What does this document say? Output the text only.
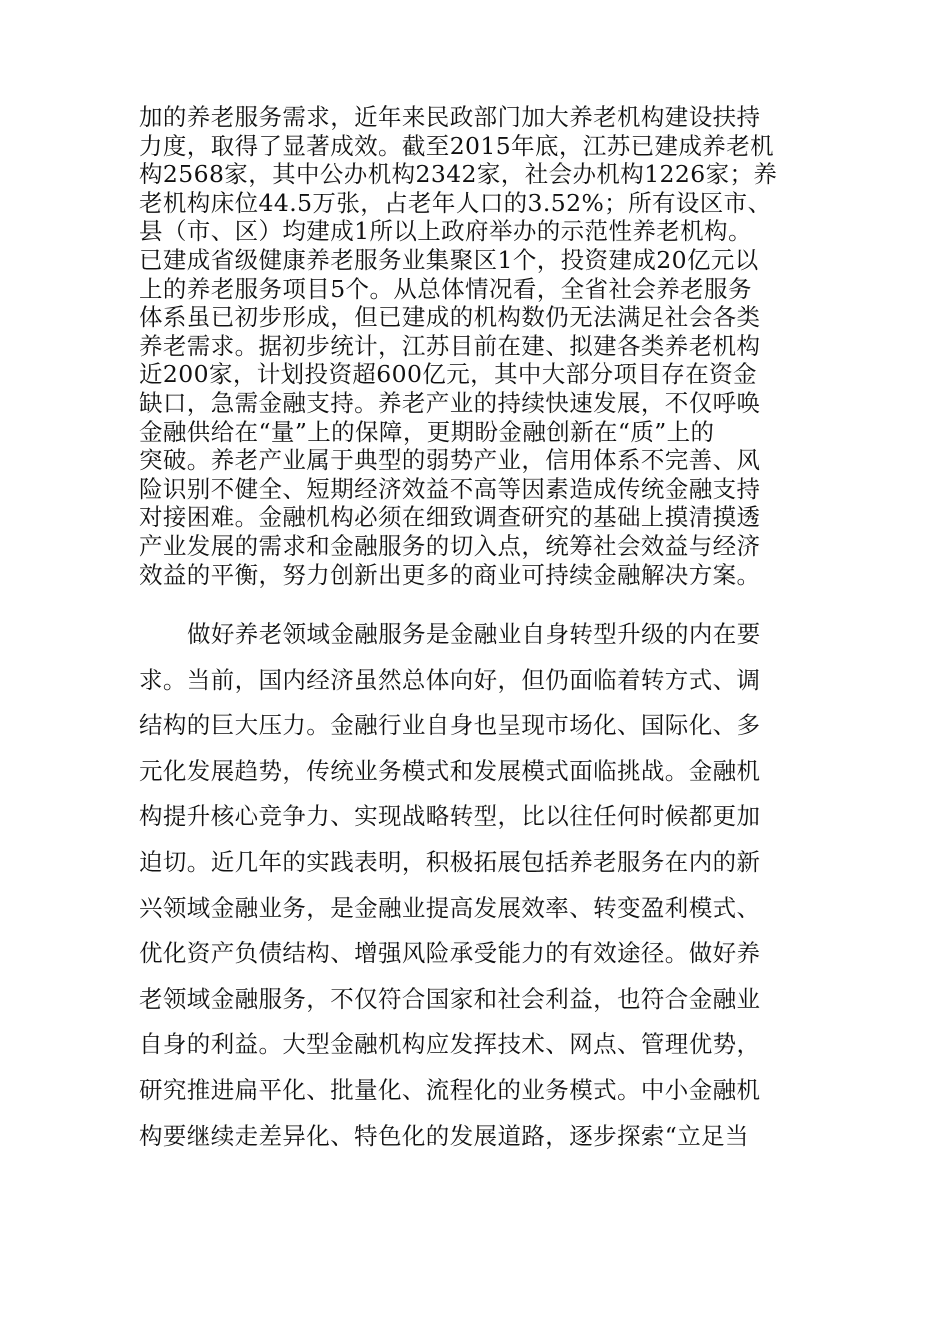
加的养老服务需求，近年来民政部门加大养老机构建设扶持
力度，取得了显著成效。截至2015年底，江苏已建成养老机
构2568家，其中公办机构2342家，社会办机构1226家；养
老机构床位44.5万张，占老年人口的3.52%；所有设区市、
县（市、区）均建成1所以上政府举办的示范性养老机构。
已建成省级健康养老服务业集聚区1个，投资建成20亿元以
上的养老服务项目5个。从总体情况看，全省社会养老服务
体系虽已初步形成，但已建成的机构数仍无法满足社会各类
养老需求。据初步统计，江苏目前在建、拟建各类养老机构
近200家，计划投资超600亿元，其中大部分项目存在资金
缺口，急需金融支持。养老产业的持续快速发展，不仅呼唤
金融供给在“量”上的保障，更期盼金融创新在“质”上的
突破。养老产业属于典型的弱势产业，信用体系不完善、风
险识别不健全、短期经济效益不高等因素造成传统金融支持
对接困难。金融机构必须在细致调查研究的基础上摸清摸透
产业发展的需求和金融服务的切入点，统筹社会效益与经济
效益的平衡，努力创新出更多的商业可持续金融解决方案。
做好养老领域金融服务是金融业自身转型升级的内在要
求。当前，国内经济虽然总体向好，但仍面临着转方式、调
结构的巨大压力。金融行业自身也呈现市场化、国际化、多
元化发展趋势，传统业务模式和发展模式面临挑战。金融机
构提升核心竞争力、实现战略转型，比以往任何时候都更加
迫切。近几年的实践表明，积极拓展包括养老服务在内的新
兴领域金融业务，是金融业提高发展效率、转变盈利模式、
优化资产负债结构、增强风险承受能力的有效途径。做好养
老领域金融服务，不仅符合国家和社会利益，也符合金融业
自身的利益。大型金融机构应发挥技术、网点、管理优势，
研究推进扁平化、批量化、流程化的业务模式。中小金融机
构要继续走差异化、特色化的发展道路，逐步探索“立足当
